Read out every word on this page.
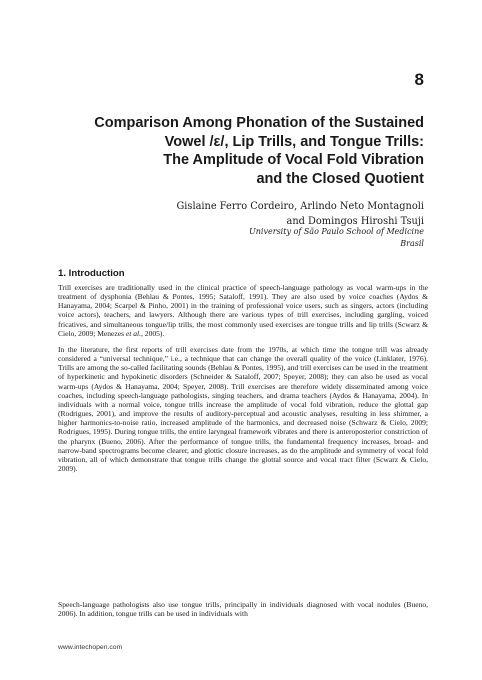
8
Comparison Among Phonation of the Sustained
Vowel /ε/, Lip Trills, and Tongue Trills:
The Amplitude of Vocal Fold Vibration
and the Closed Quotient
Gislaine Ferro Cordeiro, Arlindo Neto Montagnoli
and Domingos Hiroshi Tsuji
University of São Paulo School of Medicine
Brasil
1. Introduction

Trill exercises are traditionally used in the clinical practice of speech-language pathology as vocal warm-ups in the treatment of dysphonia (Behlau & Pontes, 1995; Sataloff, 1991). They are also used by voice coaches (Aydos & Hanayama, 2004; Scarpel & Pinho, 2001) in the training of professional voice users, such as singers, actors (including voice actors), teachers, and lawyers. Although there are various types of trill exercises, including gargling, voiced fricatives, and simultaneous tongue/lip trills, the most commonly used exercises are tongue trills and lip trills (Scwarz & Cielo, 2009; Menezes et al., 2005).

In the literature, the first reports of trill exercises date from the 1970s, at which time the tongue trill was already considered a “universal technique,” i.e., a technique that can change the overall quality of the voice (Linklater, 1976). Trills are among the so-called facilitating sounds (Behlau & Pontes, 1995), and trill exercises can be used in the treatment of hyperkinetic and hypokinetic disorders (Schneider & Sataloff, 2007; Speyer, 2008); they can also be used as vocal warm-ups (Aydos & Hanayama, 2004; Speyer, 2008). Trill exercises are therefore widely disseminated among voice coaches, including speech-language pathologists, singing teachers, and drama teachers (Aydos & Hanayama, 2004). In individuals with a normal voice, tongue trills increase the amplitude of vocal fold vibration, reduce the glottal gap (Rodrigues, 2001), and improve the results of auditory-perceptual and acoustic analyses, resulting in less shimmer, a higher harmonics-to-noise ratio, increased amplitude of the harmonics, and decreased noise (Schwarz & Cielo, 2009; Rodrigues, 1995). During tongue trills, the entire laryngeal framework vibrates and there is anteroposterior constriction of the pharynx (Bueno, 2006). After the performance of tongue trills, the fundamental frequency increases, broad- and narrow-band spectrograms become clearer, and glottic closure increases, as do the amplitude and symmetry of vocal fold vibration, all of which demonstrate that tongue trills change the glottal source and vocal tract filter (Scwarz & Cielo, 2009).

Speech-language pathologists also use tongue trills, principally in individuals diagnosed with vocal nodules (Bueno, 2006). In addition, tongue trills can be used in individuals with

www.intechopen.com
